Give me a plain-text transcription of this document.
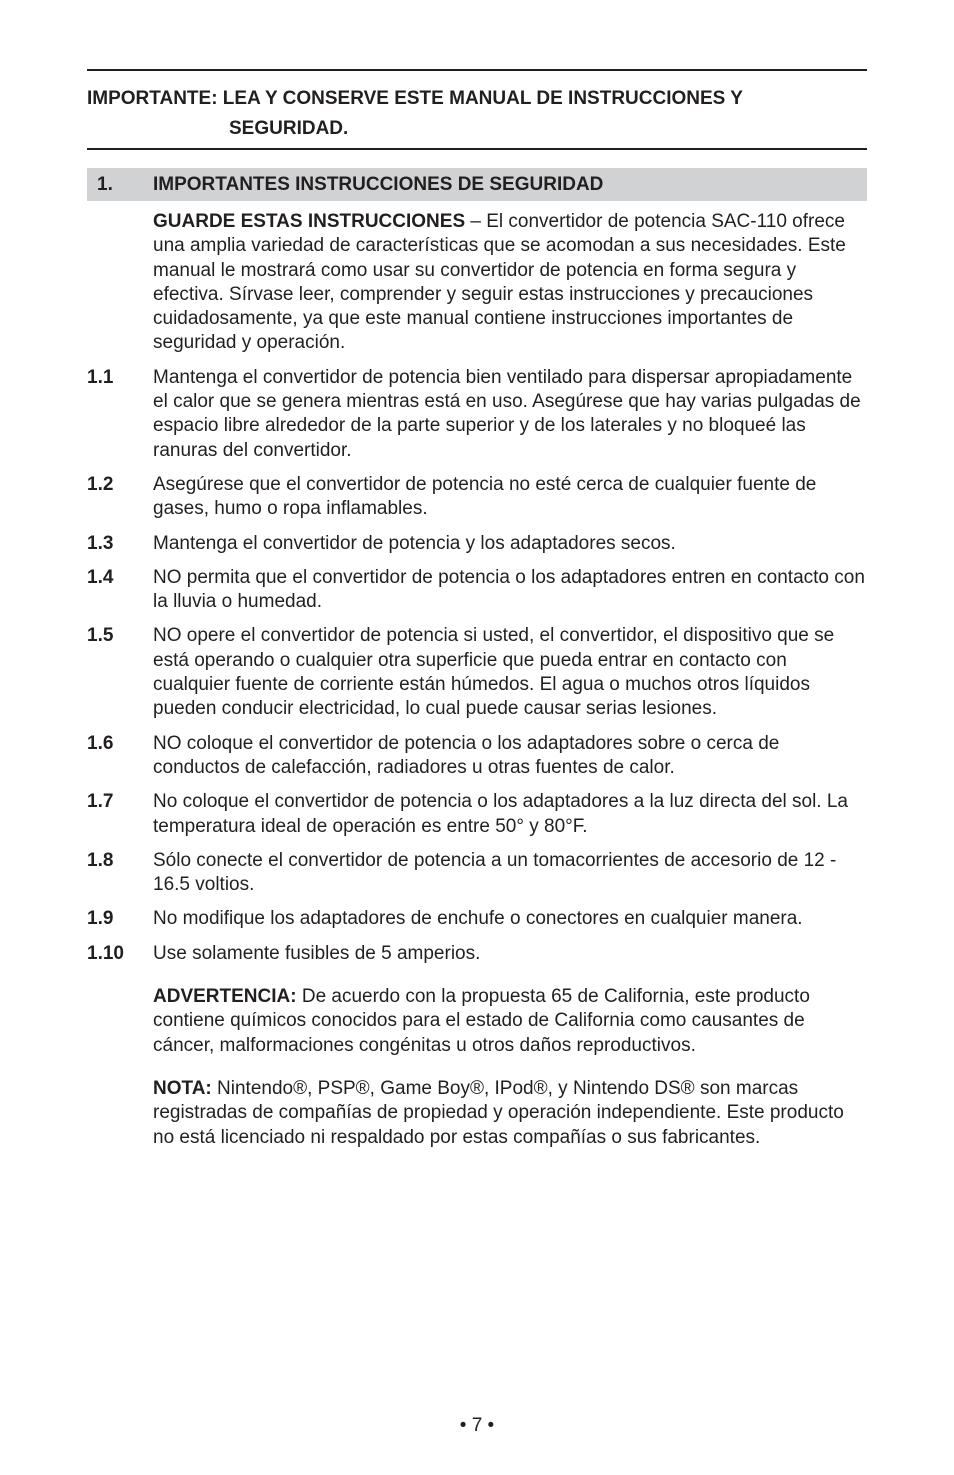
IMPORTANTE: LEA Y CONSERVE ESTE MANUAL DE INSTRUCCIONES Y
SEGURIDAD.
1. IMPORTANTES INSTRUCCIONES DE SEGURIDAD

GUARDE ESTAS INSTRUCCIONES – El convertidor de potencia SAC-110 ofrece una amplia variedad de características que se acomodan a sus necesidades. Este manual le mostrará como usar su convertidor de potencia en forma segura y efectiva. Sírvase leer, comprender y seguir estas instrucciones y precauciones cuidadosamente, ya que este manual contiene instrucciones importantes de seguridad y operación.

1.1 Mantenga el convertidor de potencia bien ventilado para dispersar apropiadamente el calor que se genera mientras está en uso. Asegúrese que hay varias pulgadas de espacio libre alrededor de la parte superior y de los laterales y no bloqueé las ranuras del convertidor.
1.2 Asegúrese que el convertidor de potencia no esté cerca de cualquier fuente de gases, humo o ropa inflamables.
1.3 Mantenga el convertidor de potencia y los adaptadores secos.
1.4 NO permita que el convertidor de potencia o los adaptadores entren en contacto con la lluvia o humedad.
1.5 NO opere el convertidor de potencia si usted, el convertidor, el dispositivo que se está operando o cualquier otra superficie que pueda entrar en contacto con cualquier fuente de corriente están húmedos. El agua o muchos otros líquidos pueden conducir electricidad, lo cual puede causar serias lesiones.
1.6 NO coloque el convertidor de potencia o los adaptadores sobre o cerca de conductos de calefacción, radiadores u otras fuentes de calor.
1.7 No coloque el convertidor de potencia o los adaptadores a la luz directa del sol. La temperatura ideal de operación es entre 50° y 80°F.
1.8 Sólo conecte el convertidor de potencia a un tomacorrientes de accesorio de 12 - 16.5 voltios.
1.9 No modifique los adaptadores de enchufe o conectores en cualquier manera.
1.10 Use solamente fusibles de 5 amperios.

ADVERTENCIA: De acuerdo con la propuesta 65 de California, este producto contiene químicos conocidos para el estado de California como causantes de cáncer, malformaciones congénitas u otros daños reproductivos.

NOTA: Nintendo®, PSP®, Game Boy®, IPod®, y Nintendo DS® son marcas registradas de compañías de propiedad y operación independiente. Este producto no está licenciado ni respaldado por estas compañías o sus fabricantes.

• 7 •
